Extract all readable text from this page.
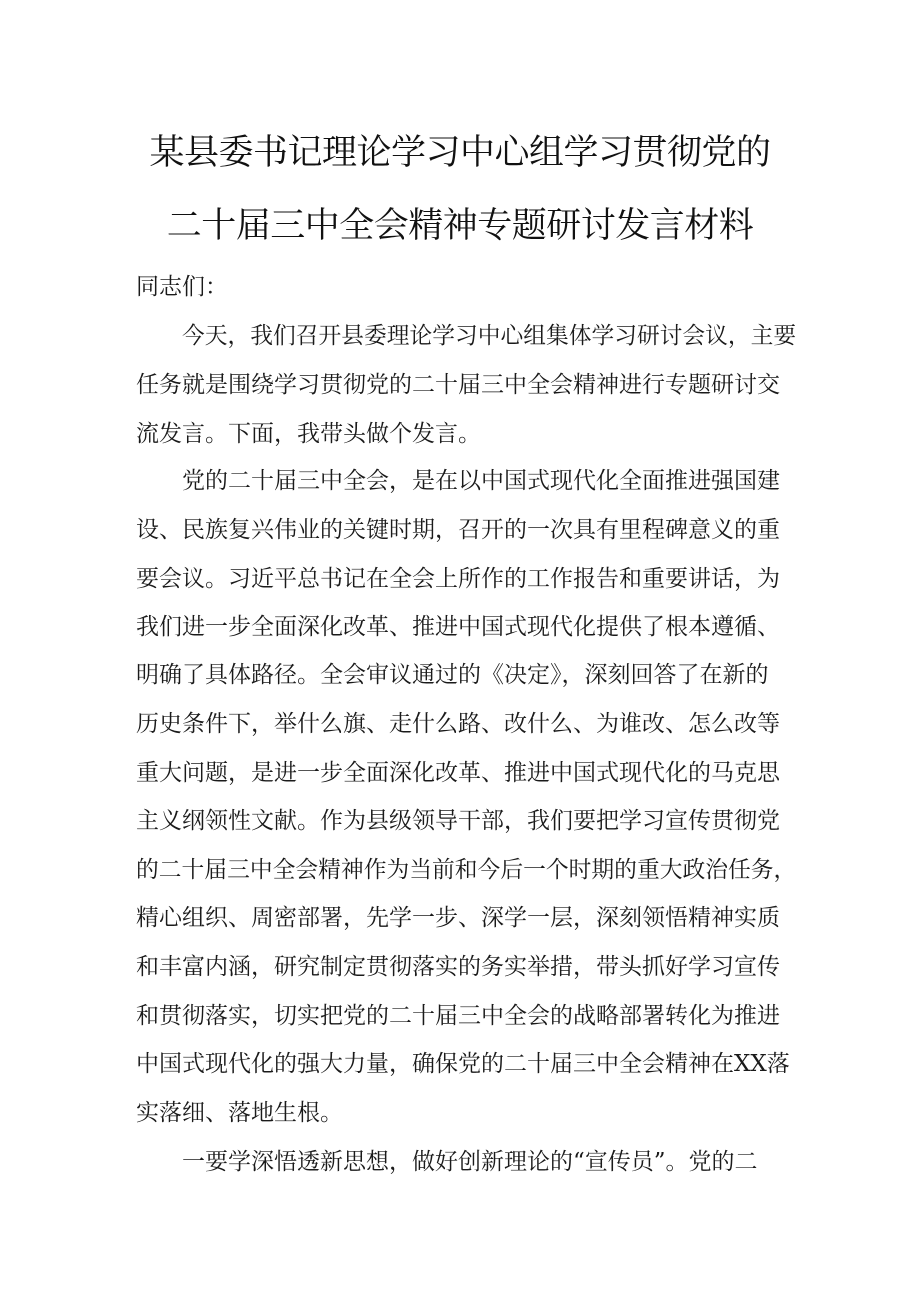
某县委书记理论学习中心组学习贯彻党的
二十届三中全会精神专题研讨发言材料
同志们：
今天，我们召开县委理论学习中心组集体学习研讨会议，主要
任务就是围绕学习贯彻党的二十届三中全会精神进行专题研讨交
流发言。下面，我带头做个发言。
党的二十届三中全会，是在以中国式现代化全面推进强国建
设、民族复兴伟业的关键时期，召开的一次具有里程碑意义的重
要会议。习近平总书记在全会上所作的工作报告和重要讲话，为
我们进一步全面深化改革、推进中国式现代化提供了根本遵循、
明确了具体路径。全会审议通过的《决定》，深刻回答了在新的
历史条件下，举什么旗、走什么路、改什么、为谁改、怎么改等
重大问题，是进一步全面深化改革、推进中国式现代化的马克思
主义纲领性文献。作为县级领导干部，我们要把学习宣传贯彻党
的二十届三中全会精神作为当前和今后一个时期的重大政治任务，
精心组织、周密部署，先学一步、深学一层，深刻领悟精神实质
和丰富内涵，研究制定贯彻落实的务实举措，带头抓好学习宣传
和贯彻落实，切实把党的二十届三中全会的战略部署转化为推进
中国式现代化的强大力量，确保党的二十届三中全会精神在XX落
实落细、落地生根。
一要学深悟透新思想，做好创新理论的“宣传员”。党的二
